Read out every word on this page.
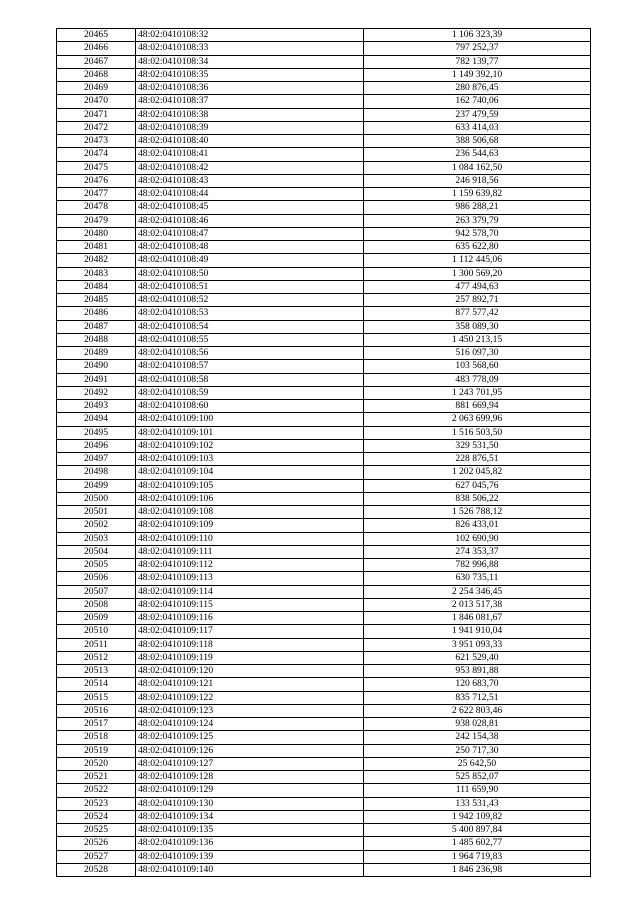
20465	48:02:0410108:32	1 106 323,39
20466	48:02:0410108:33	797 252,37
20467	48:02:0410108:34	782 139,77
20468	48:02:0410108:35	1 149 392,10
20469	48:02:0410108:36	280 876,45
20470	48:02:0410108:37	162 740,06
20471	48:02:0410108:38	237 479,59
20472	48:02:0410108:39	633 414,03
20473	48:02:0410108:40	388 506,68
20474	48:02:0410108:41	236 544,63
20475	48:02:0410108:42	1 084 162,50
20476	48:02:0410108:43	246 918,56
20477	48:02:0410108:44	1 159 639,82
20478	48:02:0410108:45	986 288,21
20479	48:02:0410108:46	263 379,79
20480	48:02:0410108:47	942 578,70
20481	48:02:0410108:48	635 622,80
20482	48:02:0410108:49	1 112 445,06
20483	48:02:0410108:50	1 300 569,20
20484	48:02:0410108:51	477 494,63
20485	48:02:0410108:52	257 892,71
20486	48:02:0410108:53	877 577,42
20487	48:02:0410108:54	358 089,30
20488	48:02:0410108:55	1 450 213,15
20489	48:02:0410108:56	516 097,30
20490	48:02:0410108:57	103 568,60
20491	48:02:0410108:58	483 778,09
20492	48:02:0410108:59	1 243 701,95
20493	48:02:0410108:60	881 669,94
20494	48:02:0410109:100	2 063 699,96
20495	48:02:0410109:101	1 516 503,50
20496	48:02:0410109:102	329 531,50
20497	48:02:0410109:103	228 876,51
20498	48:02:0410109:104	1 202 045,82
20499	48:02:0410109:105	627 045,76
20500	48:02:0410109:106	838 506,22
20501	48:02:0410109:108	1 526 788,12
20502	48:02:0410109:109	826 433,01
20503	48:02:0410109:110	102 690,90
20504	48:02:0410109:111	274 353,37
20505	48:02:0410109:112	782 996,88
20506	48:02:0410109:113	630 735,11
20507	48:02:0410109:114	2 254 346,45
20508	48:02:0410109:115	2 013 517,38
20509	48:02:0410109:116	1 846 081,67
20510	48:02:0410109:117	1 941 910,04
20511	48:02:0410109:118	3 951 093,33
20512	48:02:0410109:119	621 529,40
20513	48:02:0410109:120	953 891,88
20514	48:02:0410109:121	120 683,70
20515	48:02:0410109:122	835 712,51
20516	48:02:0410109:123	2 622 803,46
20517	48:02:0410109:124	938 028,81
20518	48:02:0410109:125	242 154,38
20519	48:02:0410109:126	250 717,30
20520	48:02:0410109:127	25 642,50
20521	48:02:0410109:128	525 852,07
20522	48:02:0410109:129	111 659,90
20523	48:02:0410109:130	133 531,43
20524	48:02:0410109:134	1 942 109,82
20525	48:02:0410109:135	5 400 897,84
20526	48:02:0410109:136	1 485 602,77
20527	48:02:0410109:139	1 964 719,83
20528	48:02:0410109:140	1 846 236,98
